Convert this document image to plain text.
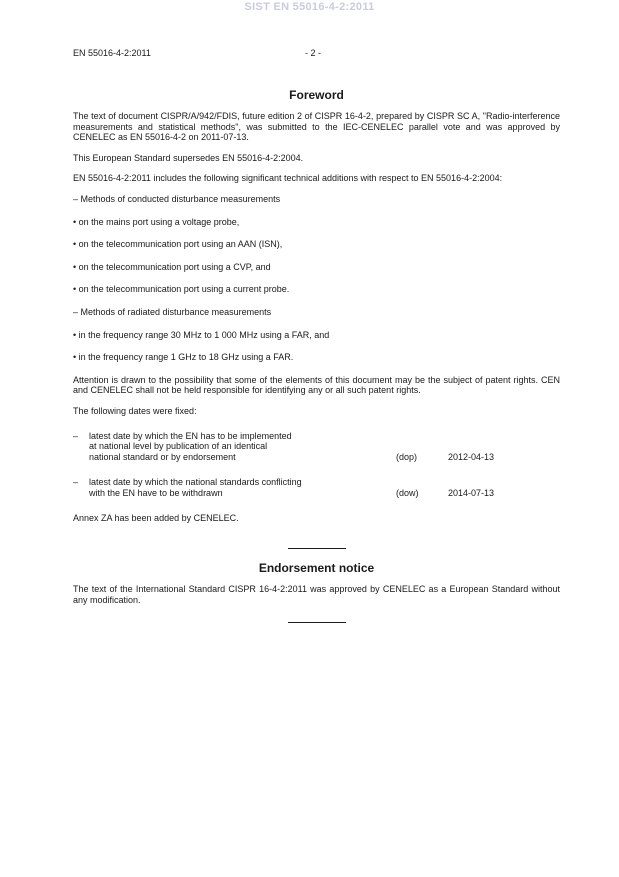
SIST EN 55016-4-2:2011
EN 55016-4-2:2011	- 2 -
Foreword

The text of document CISPR/A/942/FDIS, future edition 2 of CISPR 16-4-2, prepared by CISPR SC A, "Radio-interference measurements and statistical methods", was submitted to the IEC-CENELEC parallel vote and was approved by CENELEC as EN 55016-4-2 on 2011-07-13.

This European Standard supersedes EN 55016-4-2:2004.

EN 55016-4-2:2011 includes the following significant technical additions with respect to EN 55016-4-2:2004:

– Methods of conducted disturbance measurements
• on the mains port using a voltage probe,
• on the telecommunication port using an AAN (ISN),
• on the telecommunication port using a CVP, and
• on the telecommunication port using a current probe.
– Methods of radiated disturbance measurements
• in the frequency range 30 MHz to 1 000 MHz using a FAR, and
• in the frequency range 1 GHz to 18 GHz using a FAR.

Attention is drawn to the possibility that some of the elements of this document may be the subject of patent rights. CEN and CENELEC shall not be held responsible for identifying any or all such patent rights.

The following dates were fixed:

– latest date by which the EN has to be implemented
at national level by publication of an identical
national standard or by endorsement	(dop)	2012-04-13
– latest date by which the national standards conflicting
with the EN have to be withdrawn	(dow)	2014-07-13

Annex ZA has been added by CENELEC.

Endorsement notice

The text of the International Standard CISPR 16-4-2:2011 was approved by CENELEC as a European Standard without any modification.
